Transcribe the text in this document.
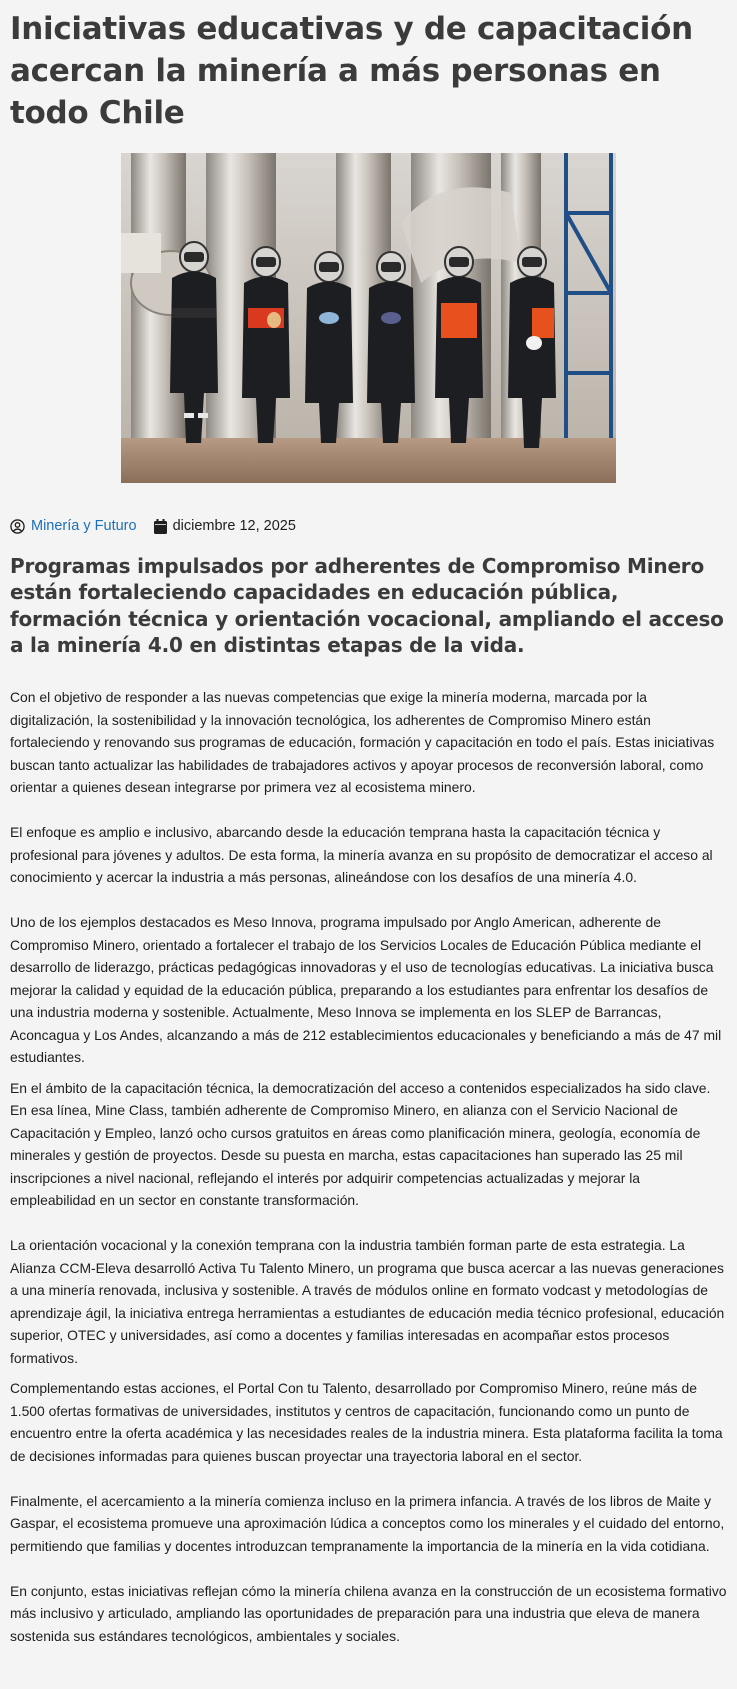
Iniciativas educativas y de capacitación acercan la minería a más personas en todo Chile
Minería y Futuro diciembre 12, 2025
Programas impulsados por adherentes de Compromiso Minero están fortaleciendo capacidades en educación pública, formación técnica y orientación vocacional, ampliando el acceso a la minería 4.0 en distintas etapas de la vida.

Con el objetivo de responder a las nuevas competencias que exige la minería moderna, marcada por la digitalización, la sostenibilidad y la innovación tecnológica, los adherentes de Compromiso Minero están fortaleciendo y renovando sus programas de educación, formación y capacitación en todo el país. Estas iniciativas buscan tanto actualizar las habilidades de trabajadores activos y apoyar procesos de reconversión laboral, como orientar a quienes desean integrarse por primera vez al ecosistema minero.

El enfoque es amplio e inclusivo, abarcando desde la educación temprana hasta la capacitación técnica y profesional para jóvenes y adultos. De esta forma, la minería avanza en su propósito de democratizar el acceso al conocimiento y acercar la industria a más personas, alineándose con los desafíos de una minería 4.0.

Uno de los ejemplos destacados es Meso Innova, programa impulsado por Anglo American, adherente de Compromiso Minero, orientado a fortalecer el trabajo de los Servicios Locales de Educación Pública mediante el desarrollo de liderazgo, prácticas pedagógicas innovadoras y el uso de tecnologías educativas. La iniciativa busca mejorar la calidad y equidad de la educación pública, preparando a los estudiantes para enfrentar los desafíos de una industria moderna y sostenible. Actualmente, Meso Innova se implementa en los SLEP de Barrancas, Aconcagua y Los Andes, alcanzando a más de 212 establecimientos educacionales y beneficiando a más de 47 mil estudiantes.

En el ámbito de la capacitación técnica, la democratización del acceso a contenidos especializados ha sido clave. En esa línea, Mine Class, también adherente de Compromiso Minero, en alianza con el Servicio Nacional de Capacitación y Empleo, lanzó ocho cursos gratuitos en áreas como planificación minera, geología, economía de minerales y gestión de proyectos. Desde su puesta en marcha, estas capacitaciones han superado las 25 mil inscripciones a nivel nacional, reflejando el interés por adquirir competencias actualizadas y mejorar la empleabilidad en un sector en constante transformación.

La orientación vocacional y la conexión temprana con la industria también forman parte de esta estrategia. La Alianza CCM-Eleva desarrolló Activa Tu Talento Minero, un programa que busca acercar a las nuevas generaciones a una minería renovada, inclusiva y sostenible. A través de módulos online en formato vodcast y metodologías de aprendizaje ágil, la iniciativa entrega herramientas a estudiantes de educación media técnico profesional, educación superior, OTEC y universidades, así como a docentes y familias interesadas en acompañar estos procesos formativos.

Complementando estas acciones, el Portal Con tu Talento, desarrollado por Compromiso Minero, reúne más de 1.500 ofertas formativas de universidades, institutos y centros de capacitación, funcionando como un punto de encuentro entre la oferta académica y las necesidades reales de la industria minera. Esta plataforma facilita la toma de decisiones informadas para quienes buscan proyectar una trayectoria laboral en el sector.

Finalmente, el acercamiento a la minería comienza incluso en la primera infancia. A través de los libros de Maite y Gaspar, el ecosistema promueve una aproximación lúdica a conceptos como los minerales y el cuidado del entorno, permitiendo que familias y docentes introduzcan tempranamente la importancia de la minería en la vida cotidiana.

En conjunto, estas iniciativas reflejan cómo la minería chilena avanza en la construcción de un ecosistema formativo más inclusivo y articulado, ampliando las oportunidades de preparación para una industria que eleva de manera sostenida sus estándares tecnológicos, ambientales y sociales.
